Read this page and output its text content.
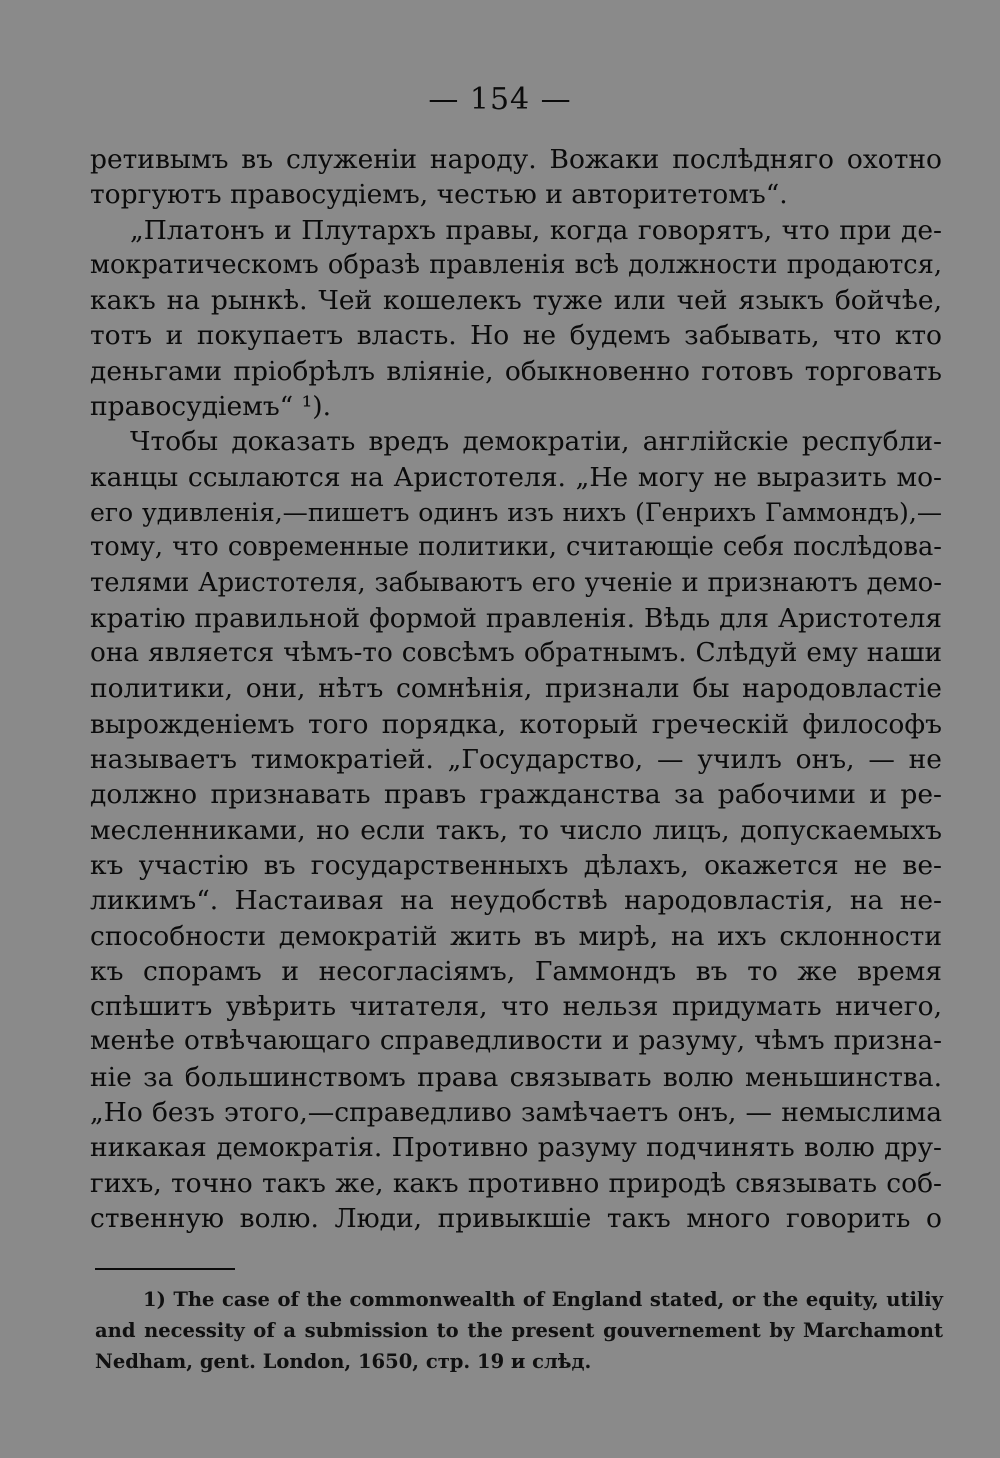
— 154 —
ретивымъ въ служеніи народу. Вожаки послѣдняго охотно
торгуютъ правосудіемъ, честью и авторитетомъ“.
„Платонъ и Плутархъ правы, когда говорятъ, что при де-
мократическомъ образѣ правленія всѣ должности продаются,
какъ на рынкѣ. Чей кошелекъ туже или чей языкъ бойчѣе,
тотъ и покупаетъ власть. Но не будемъ забывать, что кто
деньгами пріобрѣлъ вліяніе, обыкновенно готовъ торговать
правосудіемъ“ ¹).
Чтобы доказать вредъ демократіи, англійскіе республи-
канцы ссылаются на Аристотеля. „Не могу не выразить мо-
его удивленія,—пишетъ одинъ изъ нихъ (Генрихъ Гаммондъ),—
тому, что современные политики, считающіе себя послѣдова-
телями Аристотеля, забываютъ его ученіе и признаютъ демо-
кратію правильной формой правленія. Вѣдь для Аристотеля
она является чѣмъ-то совсѣмъ обратнымъ. Слѣдуй ему наши
политики, они, нѣтъ сомнѣнія, признали бы народовластіе
вырожденіемъ того порядка, который греческій философъ
называетъ тимократіей. „Государство, — училъ онъ, — не
должно признавать правъ гражданства за рабочими и ре-
месленниками, но если такъ, то число лицъ, допускаемыхъ
къ участію въ государственныхъ дѣлахъ, окажется не ве-
ликимъ“. Настаивая на неудобствѣ народовластія, на не-
способности демократій жить въ мирѣ, на ихъ склонности
къ спорамъ и несогласіямъ, Гаммондъ въ то же время
спѣшитъ увѣрить читателя, что нельзя придумать ничего,
менѣе отвѣчающаго справедливости и разуму, чѣмъ призна-
ніе за большинствомъ права связывать волю меньшинства.
„Но безъ этого,—справедливо замѣчаетъ онъ, — немыслима
никакая демократія. Противно разуму подчинять волю дру-
гихъ, точно такъ же, какъ противно природѣ связывать соб-
ственную волю. Люди, привыкшіе такъ много говорить о
1) The case of the commonwealth of England stated, or the equity, utiliy
and necessity of a submission to the present gouvernement by Marchamont
Nedham, gent. London, 1650, стр. 19 и слѣд.
